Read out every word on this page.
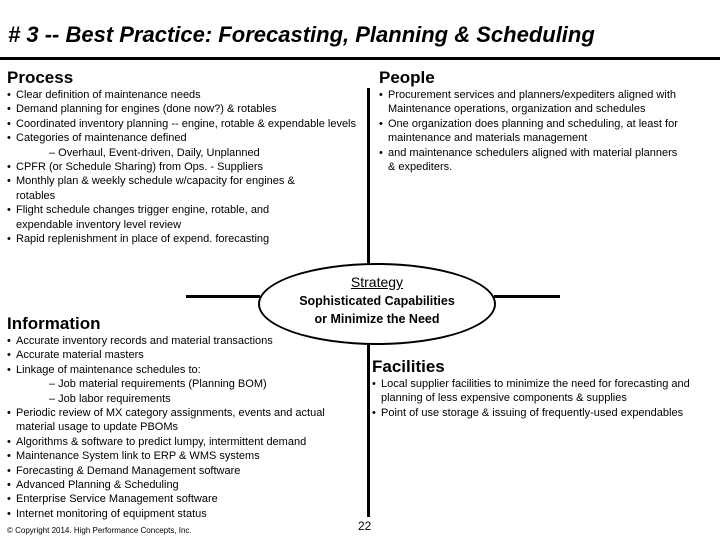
# 3 -- Best Practice: Forecasting, Planning & Scheduling
Process
• Clear definition of maintenance needs
• Demand planning for engines (done now?) & rotables
• Coordinated inventory planning -- engine, rotable & expendable levels
• Categories of maintenance defined
– Overhaul, Event-driven, Daily, Unplanned
• CPFR (or Schedule Sharing) from Ops. - Suppliers
• Monthly plan & weekly schedule w/capacity for engines & rotables
• Flight schedule changes trigger engine, rotable, and expendable inventory level review
• Rapid replenishment in place of expend. forecasting
People
• Procurement services and planners/expediters aligned with Maintenance operations, organization and schedules
• One organization does planning and scheduling, at least for maintenance and materials management
• and maintenance schedulers aligned with material planners & expediters.
Strategy
Sophisticated Capabilities
or Minimize the Need
Information
• Accurate inventory records and material transactions
• Accurate material masters
• Linkage of maintenance schedules to:
– Job material requirements (Planning BOM)
– Job labor requirements
• Periodic review of MX category assignments, events and actual material usage to update PBOMs
• Algorithms & software to predict lumpy, intermittent demand
• Maintenance System link to ERP & WMS systems
• Forecasting & Demand Management software
• Advanced Planning & Scheduling
• Enterprise Service Management software
• Internet monitoring of equipment status
Facilities
• Local supplier facilities to minimize the need for forecasting and planning of less expensive components & supplies
• Point of use storage & issuing of frequently-used expendables
© Copyright 2014. High Performance Concepts, Inc.	22
